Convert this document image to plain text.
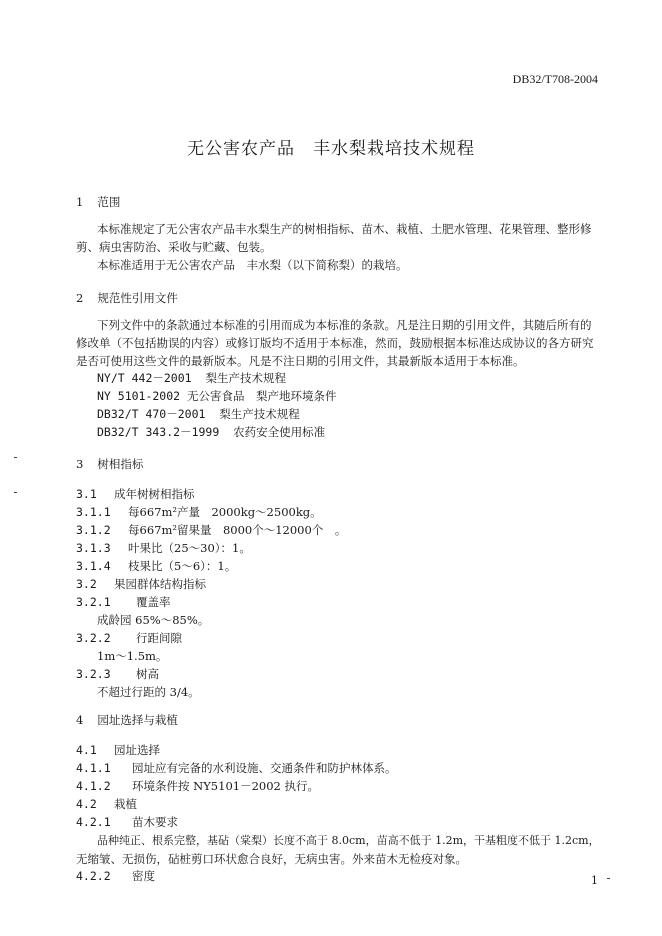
DB32/T708-2004
无公害农产品　丰水梨栽培技术规程
1 范围
本标准规定了无公害农产品丰水梨生产的树相指标、苗木、栽植、土肥水管理、花果管理、整形修
剪、病虫害防治、采收与贮藏、包装。
本标准适用于无公害农产品　丰水梨（以下简称梨）的栽培。
2 规范性引用文件
下列文件中的条款通过本标准的引用而成为本标准的条款。凡是注日期的引用文件，其随后所有的
修改单（不包括勘误的内容）或修订版均不适用于本标准，然而，鼓励根据本标准达成协议的各方研究
是否可使用这些文件的最新版本。凡是不注日期的引用文件，其最新版本适用于本标准。
NY/T 442－2001 梨生产技术规程
NY 5101-2002 无公害食品　梨产地环境条件
DB32/T 470－2001 梨生产技术规程
DB32/T 343.2－1999 农药安全使用标准
3 树相指标
3.1 成年树树相指标
3.1.1 每667m²产量　2000kg～2500kg。
3.1.2 每667m²留果量　8000个～12000个　。
3.1.3 叶果比（25～30）：1。
3.1.4 枝果比（5～6）：1。
3.2 果园群体结构指标
3.2.1 覆盖率
成龄园 65%～85%。
3.2.2 行距间隙
1m～1.5m。
3.2.3 树高
不超过行距的 3/4。
4 园址选择与栽植
4.1 园址选择
4.1.1 园址应有完备的水利设施、交通条件和防护林体系。
4.1.2 环境条件按 NY5101－2002 执行。
4.2 栽植
4.2.1 苗木要求
品种纯正、根系完整，基砧（棠梨）长度不高于 8.0cm，苗高不低于 1.2m，干基粗度不低于 1.2cm，
无缩皱、无损伤，砧桩剪口环状愈合良好，无病虫害。外来苗木无检疫对象。
4.2.2 密度	1
